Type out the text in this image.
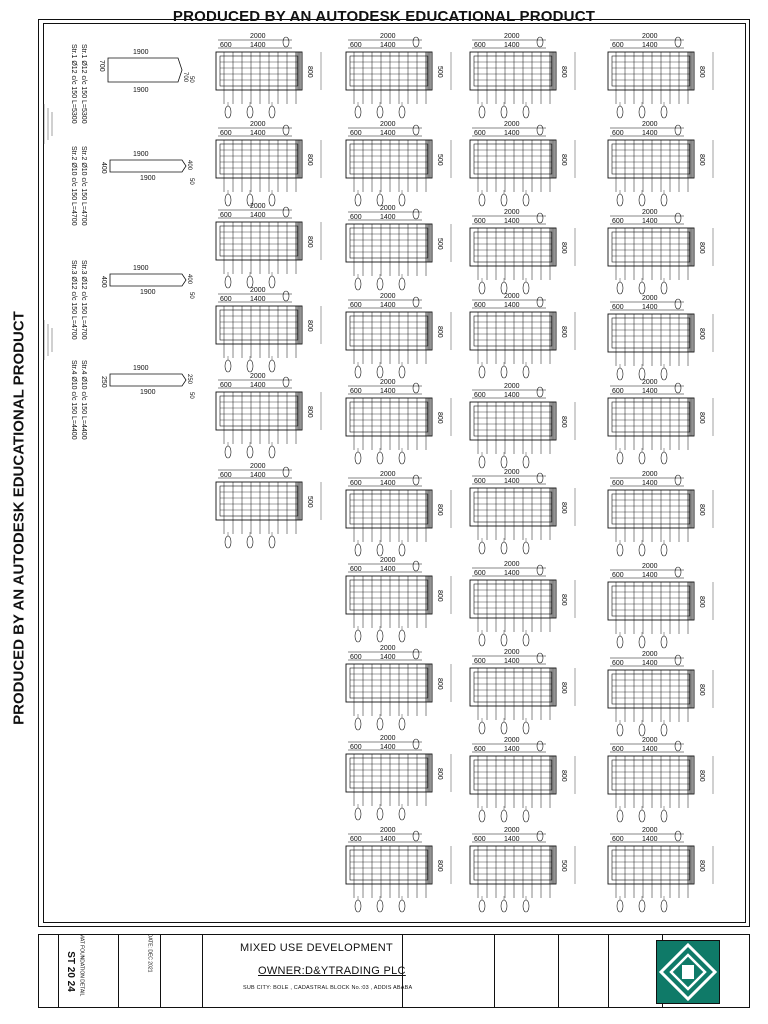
PRODUCED BY AN AUTODESK EDUCATIONAL PRODUCT
PRODUCED BY AN AUTODESK EDUCATIONAL PRODUCT
1900
1900
700
700 50
Str.1 Ø12 c/c 150 L=5300
Str.1 Ø12 c/c 150 L=5300
1900
1900
400	400
50
Str.2 Ø10 c/c 150 L=4700
Str.2 Ø10 c/c 150 L=4700
1900
1900
400	400
50
Str.3 Ø12 c/c 150 L=4700
Str.3 Ø12 c/c 150 L=4700
1900
1900
250	250
50
Str.4 Ø10 c/c 150 L=4400
Str.4 Ø10 c/c 150 L=4400
2000
600	1400
800
2000
600	1400
800
2000
600	1400
800
2000
600	1400
800
2000
600	1400
800
2000
600	1400
500
2000
600	1400
500
2000
600	1400
500
2000
600	1400
500
2000
600	1400
800
2000
600	1400
800
2000
600	1400
800
2000
600	1400
800
2000
600	1400
800
2000
600	1400
800
2000
600	1400
800
2000
600	1400
800
2000
600	1400
800
2000
600	1400
800
2000
600	1400
800
2000
600	1400
800
2000
600	1400
800
2000
600	1400
800
2000
600	1400
800
2000
600	1400
800
2000
600	1400
500
2000
600	1400
800
2000
600	1400
800
2000
600	1400
800
2000
600	1400
800
2000
600	1400
800
2000
600	1400
800
2000
600	1400
800
2000
600	1400
800
2000
600	1400
800
2000
600	1400
800
ST 20 24 MAT FOUNDATION DETAIL	DATE: DEC 2021	MIXED USE DEVELOPMENT
OWNER:D&YTRADING PLC
SUB CITY: BOLE , CADASTRAL BLOCK No.:03 , ADDIS ABABA
